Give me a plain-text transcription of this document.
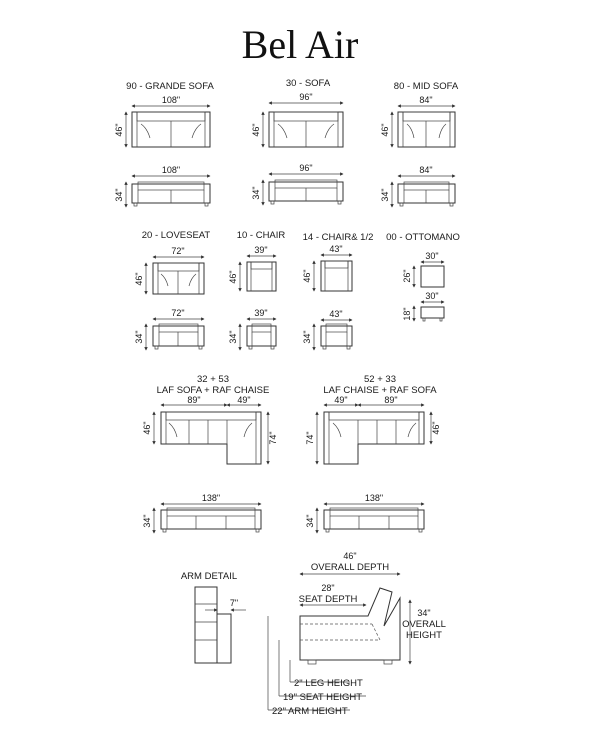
Bel Air
90 - GRANDE SOFA
108"
46"
108"
34"
30 - SOFA
96"
46"
96"
34"
80 - MID SOFA
84"
46"
84"
34"
20 - LOVESEAT
72"
46"
72"
34"
10 - CHAIR
39"
46"
39"
34"
14 - CHAIR& 1/2
43"
46"
43"
34"
00 - OTTOMANO
30"
26"
30"
18"
32 + 53
LAF SOFA + RAF CHAISE
89"	49"
46"
74"
138"
34"
52 + 33
LAF CHAISE + RAF SOFA
49"	89"
74"
46"
138"
34"
ARM DETAIL
7"
46"
OVERALL DEPTH
28"
SEAT DEPTH
34"
OVERALL
HEIGHT
2" LEG HEIGHT
19" SEAT HEIGHT
22" ARM HEIGHT
